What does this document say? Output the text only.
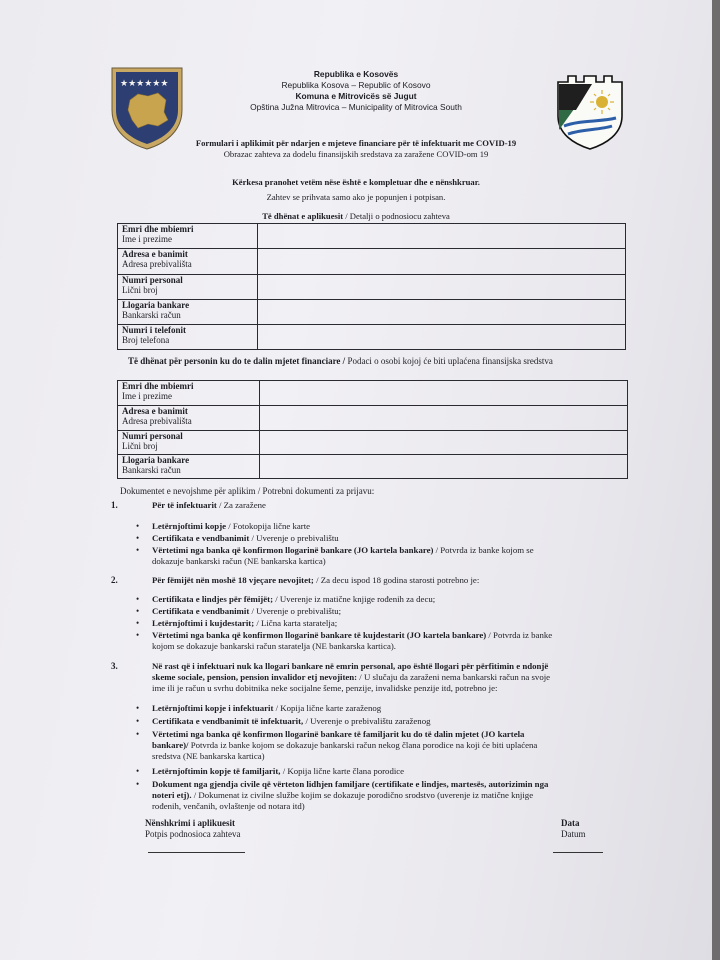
★★★★★★
Republika e Kosovës
Republika Kosova – Republic of Kosovo
Komuna e Mitrovicës së Jugut
Opština Južna Mitrovica – Municipality of Mitrovica South
Formulari i aplikimit për ndarjen e mjeteve financiare për të infektuarit me COVID-19
Obrazac zahteva za dodelu finansijskih sredstava za zaražene COVID-om 19
Kërkesa pranohet vetëm nëse është e kompletuar dhe e nënshkruar.
Zahtev se prihvata samo ako je popunjen i potpisan.
Të dhënat e aplikuesit / Detalji o podnosiocu zahteva
Emri dhe mbiemri
Ime i prezime	
Adresa e banimit
Adresa prebivališta	
Numri personal
Lični broj	
Llogaria bankare
Bankarski račun	
Numri i telefonit
Broj telefona	
Të dhënat për personin ku do te dalin mjetet financiare / Podaci o osobi kojoj će biti uplaćena finansijska sredstva
Emri dhe mbiemri
Ime i prezime	
Adresa e banimit
Adresa prebivališta	
Numri personal
Lični broj	
Llogaria bankare
Bankarski račun	
Dokumentet e nevojshme për aplikim / Potrebni dokumenti za prijavu:
1.	Për të infektuarit / Za zaražene
• Letërnjoftimi kopje / Fotokopija lične karte
• Certifikata e vendbanimit / Uverenje o prebivalištu
• Vërtetimi nga banka që konfirmon llogarinë bankare (JO kartela bankare) / Potvrda iz banke kojom se
dokazuje bankarski račun (NE bankarska kartica)
2.	Për fëmijët nën moshë 18 vjeçare nevojitet; / Za decu ispod 18 godina starosti potrebno je:
• Certifikata e lindjes për fëmijët; / Uverenje iz matične knjige rođenih za decu;
• Certifikata e vendbanimit / Uverenje o prebivalištu;
• Letërnjoftimi i kujdestarit; / Lična karta staratelja;
• Vërtetimi nga banka që konfirmon llogarinë bankare të kujdestarit (JO kartela bankare) / Potvrda iz banke
kojom se dokazuje bankarski račun staratelja (NE bankarska kartica).
3.	Në rast që i infektuari nuk ka llogari bankare në emrin personal, apo është llogari për përfitimin e ndonjë
skeme sociale, pension, pension invalidor etj nevojiten: / U slučaju da zaraženi nema bankarski račun na svoje
ime ili je račun u svrhu dobitnika neke socijalne šeme, penzije, invalidske penzije itd, potrebno je:
• Letërnjoftimi kopje i infektuarit / Kopija lične karte zaraženog
• Certifikata e vendbanimit të infektuarit, / Uverenje o prebivalištu zaraženog
• Vërtetimi nga banka që konfirmon llogarinë bankare të familjarit ku do të dalin mjetet (JO kartela
bankare)/ Potvrda iz banke kojom se dokazuje bankarski račun nekog člana porodice na koji će biti uplaćena
sredstva (NE bankarska kartica)
• Letërnjoftimin kopje të familjarit, / Kopija lične karte člana porodice
• Dokument nga gjendja civile që vërteton lidhjen familjare (certifikate e lindjes, martesës, autorizimin nga
noteri etj). / Dokumenat iz civilne službe kojim se dokazuje porodično srodstvo (uverenje iz matične knjige
rođenih, venčanih, ovlaštenje od notara itd)
Nënshkrimi i aplikuesit
Potpis podnosioca zahteva
Data
Datum
